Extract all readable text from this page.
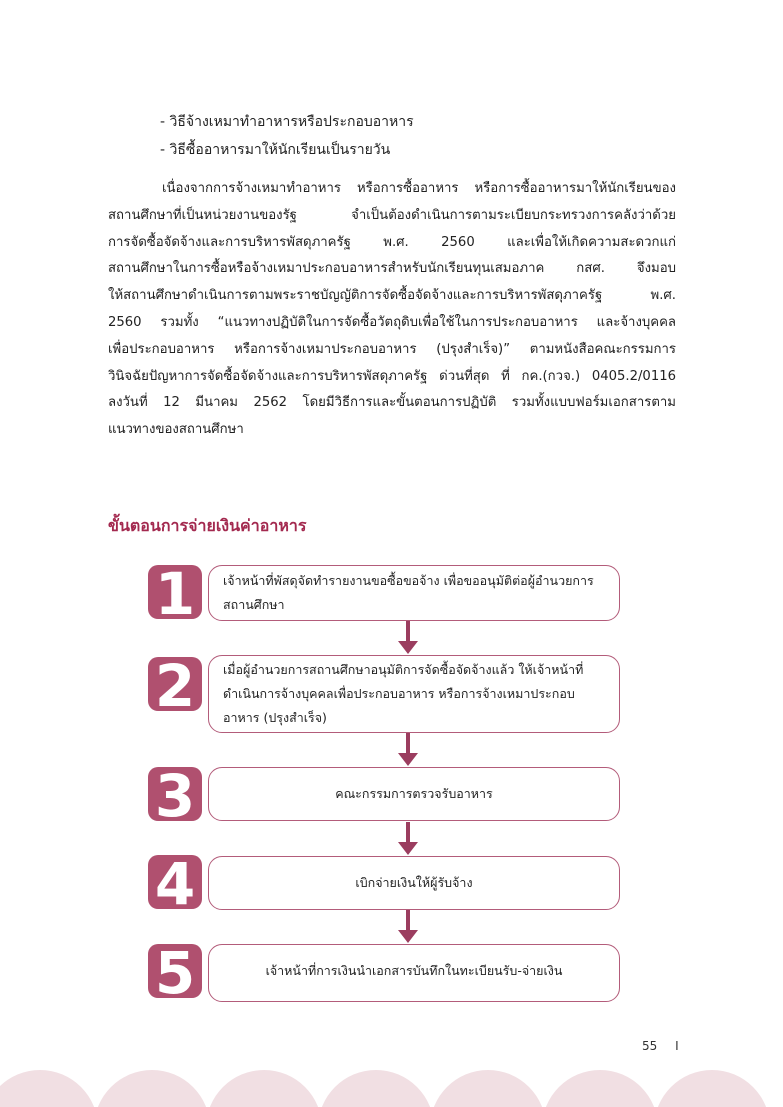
- วิธีจ้างเหมาทำอาหารหรือประกอบอาหาร
- วิธีซื้ออาหารมาให้นักเรียนเป็นรายวัน
เนื่องจากการจ้างเหมาทำอาหาร หรือการซื้ออาหาร หรือการซื้ออาหารมาให้นักเรียนของ
สถานศึกษาที่เป็นหน่วยงานของรัฐ จำเป็นต้องดำเนินการตามระเบียบกระทรวงการคลังว่าด้วย
การจัดซื้อจัดจ้างและการบริหารพัสดุภาครัฐ พ.ศ. 2560 และเพื่อให้เกิดความสะดวกแก่
สถานศึกษาในการซื้อหรือจ้างเหมาประกอบอาหารสำหรับนักเรียนทุนเสมอภาค กสศ. จึงมอบ
ให้สถานศึกษาดำเนินการตามพระราชบัญญัติการจัดซื้อจัดจ้างและการบริหารพัสดุภาครัฐ พ.ศ.
2560 รวมทั้ง “แนวทางปฏิบัติในการจัดซื้อวัตถุดิบเพื่อใช้ในการประกอบอาหาร และจ้างบุคคล
เพื่อประกอบอาหาร หรือการจ้างเหมาประกอบอาหาร (ปรุงสำเร็จ)” ตามหนังสือคณะกรรมการ
วินิจฉัยปัญหาการจัดซื้อจัดจ้างและการบริหารพัสดุภาครัฐ ด่วนที่สุด ที่ กค.(กวจ.) 0405.2/0116
ลงวันที่ 12 มีนาคม 2562 โดยมีวิธีการและขั้นตอนการปฏิบัติ รวมทั้งแบบฟอร์มเอกสารตาม
แนวทางของสถานศึกษา
ขั้นตอนการจ่ายเงินค่าอาหาร
1 เจ้าหน้าที่พัสดุจัดทำรายงานขอซื้อขอจ้าง เพื่อขออนุมัติต่อผู้อำนวยการ
สถานศึกษา
2 เมื่อผู้อำนวยการสถานศึกษาอนุมัติการจัดซื้อจัดจ้างแล้ว ให้เจ้าหน้าที่
ดำเนินการจ้างบุคคลเพื่อประกอบอาหาร หรือการจ้างเหมาประกอบ
อาหาร (ปรุงสำเร็จ)
3	คณะกรรมการตรวจรับอาหาร
4	เบิกจ่ายเงินให้ผู้รับจ้าง
5	เจ้าหน้าที่การเงินนำเอกสารบันทึกในทะเบียนรับ-จ่ายเงิน
55 I
